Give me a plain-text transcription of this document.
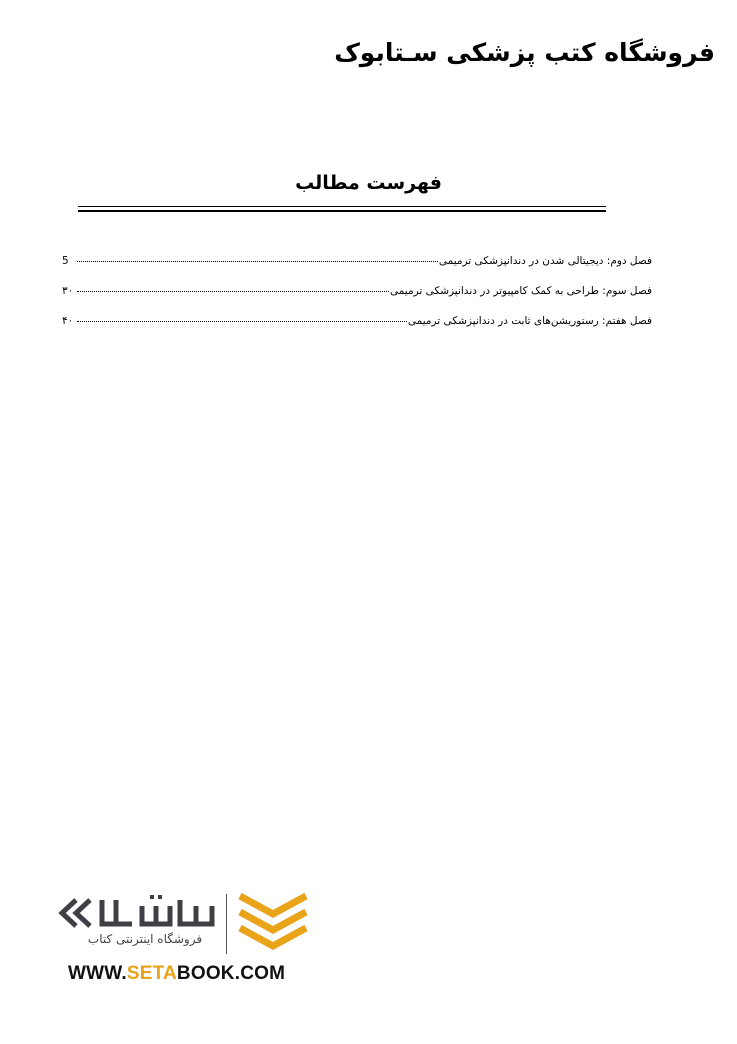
فروشگاه کتب پزشکی سـتابوک
فهرست مطالب
فصل دوم: دیجیتالی شدن در دندانپزشکی ترمیمی
5
فصل سوم: طراحی به کمک کامپیوتر در دندانپزشکی ترمیمی
۳۰
فصل هفتم: رستوریشن‌های ثابت در دندانپزشکی ترمیمی
۴۰
فروشگاه اینترنتی کتاب
WWW.SETABOOK.COM
